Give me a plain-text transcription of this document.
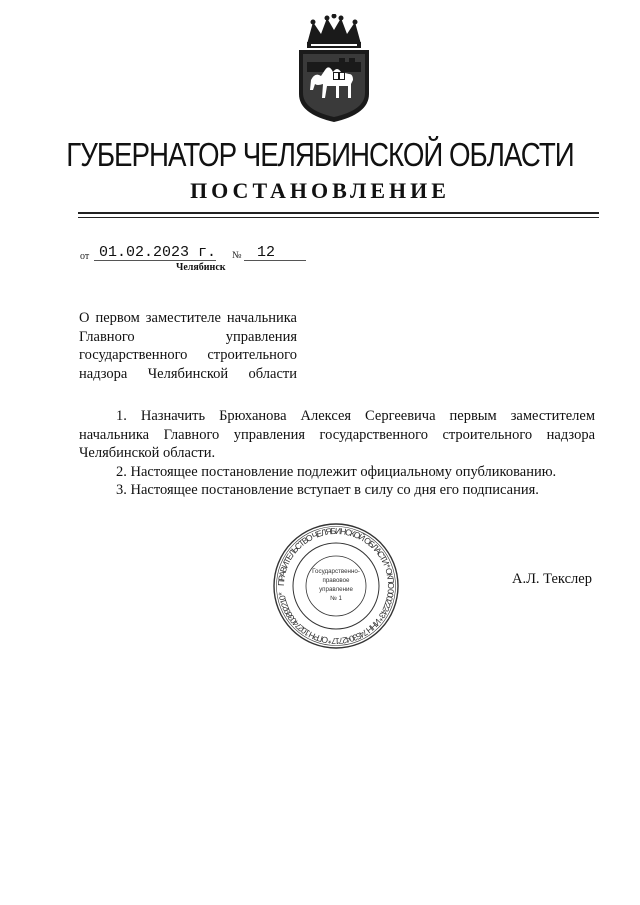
ГУБЕРНАТОР ЧЕЛЯБИНСКОЙ ОБЛАСТИ
ПОСТАНОВЛЕНИЕ
от 01.02.2023 г. № 12
Челябинск
О первом заместителе начальника
Главного управления
государственного строительного
надзора Челябинской области

1. Назначить Брюханова Алексея Сергеевича первым заместителем начальника Главного управления государственного строительного надзора Челябинской области.

2. Настоящее постановление подлежит официальному опубликованию.

3. Настоящее постановление вступает в силу со дня его подписания.

ПРАВИТЕЛЬСТВО ЧЕЛЯБИНСКОЙ ОБЛАСТИ * ОКПО 00022243 * ИНН 7453042717 * ОГРН 1027403892210 *
Государственно-
правовое
управление
№ 1
А.Л. Текслер
